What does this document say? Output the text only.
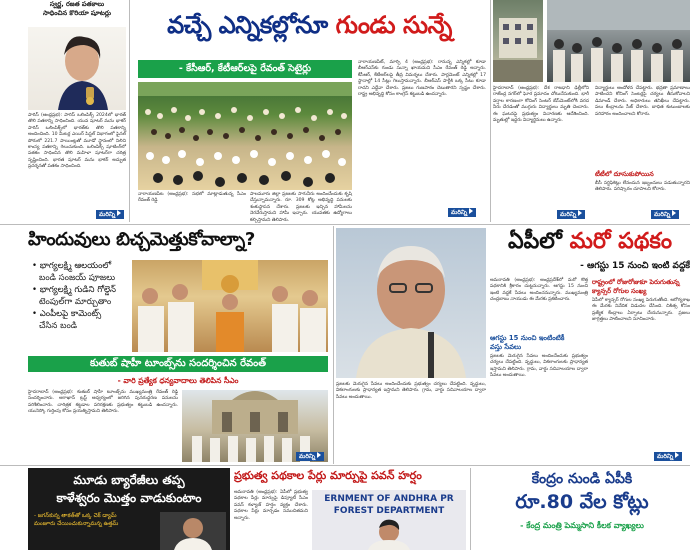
స్వర్ణ, రజత పతకాలు
సాధించిన కొరియా షూటర్లు
పారిస్ (ఆంధ్రప్రభ): పారిస్ ఒలింపిక్స్‌ 2024లో భారత్‌ తొలి పతకాన్ని సాధించింది. యువ షూటర్‌ మను భాకర్‌ పారిస్ ఒలింపిక్స్‌లో భారత్‌కు తొలి పతకాన్ని అందించింది. 10 మీటర్ల ఎయిర్‌ పిస్టల్ విభాగంలో ఫైనల్‌ పోరులో 221.7 పాయింట్లతో మూడో స్థానంలో నిలిచి కాంస్య పతకాన్ని గెలుచుకుంది. ఒలింపిక్స్‌ షూటింగ్‌లో పతకం సాధించిన తొలి మహిళా షూటర్‌గా చరిత్ర సృష్టించింది. భారత షూటర్‌ మను భాకర్‌ అద్భుత ప్రదర్శనతో పతకం సాధించింది.
మరిన్ని
వచ్చే ఎన్నికల్లోనూ గుండు సున్నే
- కేసీఆర్, కేటీఆర్‌లపై రేవంత్ సెటైర్లు
నారాయణపేట (ఆంధ్రప్రభ): సభలో మాట్లాడుతున్న సీఎం రేవంత్ రెడ్డి
పాలమూరు జిల్లా ప్రజలకు సాగునీరు అందించేందుకు కృషి చేస్తున్నామన్నారు. రూ. 309 కోట్ల అభివృద్ధి పనులకు శంకుస్థాపన చేశారు. ప్రజలకు ఇచ్చిన హామీలను నెరవేరుస్తామని హామీ ఇచ్చారు. యువతకు ఉద్యోగాలు కల్పిస్తామని తెలిపారు.
నారాయణపేట్, మార్చి 4 (ఆంధ్రప్రభ): రానున్న ఎన్నికల్లో కూడా బీఆర్ఎస్‌కు గుండు సున్నా ఖాయమని సీఎం రేవంత్ రెడ్డి అన్నారు. కేసీఆర్, కేటీఆర్‌లపై తీవ్ర విమర్శలు చేశారు. పార్లమెంట్ ఎన్నికల్లో 17 స్థానాల్లో 14 సీట్లు గెలుస్తామన్నారు. బీఆర్ఎస్ పార్టీకి ఒక్క సీటు కూడా రాదని ఎద్దేవా చేశారు. ప్రజలు గుణపాఠం చెబుతారని స్పష్టం చేశారు. రాష్ట్ర అభివృద్ధి కోసం కాంగ్రెస్ కట్టుబడి ఉందన్నారు.
మరిన్ని
హైదరాబాద్ (ఆంధ్రప్రభ): దేశ రాజధాని ఢిల్లీలోని రాజేంద్ర నగర్‌లో ఘోర ప్రమాదం చోటుచేసుకుంది. భారీ వర్షాల కారణంగా కోచింగ్ సెంటర్ బేస్‌మెంట్‌లోకి వరద నీరు చేరడంతో ముగ్గురు విద్యార్థులు మృతి చెందారు. ఈ ఘటనపై ప్రభుత్వం విచారణకు ఆదేశించింది. మృతుల్లో ఇద్దరు విద్యార్థినులు ఉన్నారు.
విద్యార్థులు ఆందోళన చేపట్టారు. భద్రతా ప్రమాణాలు పాటించని కోచింగ్ సెంటర్లపై చర్యలు తీసుకోవాలని డిమాండ్ చేశారు. అధికారులు తనిఖీలు చేపట్టారు. పలు కేంద్రాలను సీజ్ చేశారు. బాధిత కుటుంబాలకు పరిహారం అందించాలని కోరారు.
టీటీలో దూసుకుపోయిన
బీసీ సర్టిఫికెట్లు లేనందున ఇబ్బందులు పడుతున్నారని తెలిపారు. పరిష్కారం చూపాలని కోరారు.
మరిన్ని	మరిన్ని
హిందువులు బిచ్చమెత్తుకోవాల్నా?
• భాగ్యలక్ష్మి ఆలయంలో
బండి సంజయ్ పూజలు
• భాగ్యలక్ష్మి గుడిని గోల్డెన్
టెంపుల్‌గా మార్చుతాం
• ఎంపీలపై కామెంట్స్
చేసిన బండి
కుతుబ్ షాహీ టూంబ్స్‌ను సందర్శించిన రేవంత్
- వారి ప్రత్యేక ధన్యవాదాలు తెలిపిన సీఎం
హైదరాబాద్ (ఆంధ్రప్రభ): కుతుబ్ షాహీ టూంబ్స్‌ను ముఖ్యమంత్రి రేవంత్ రెడ్డి సందర్శించారు. ఆగాఖాన్ ట్రస్ట్ ఆధ్వర్యంలో జరిగిన పునరుద్ధరణ పనులను పరిశీలించారు. చారిత్రక కట్టడాల పరిరక్షణకు ప్రభుత్వం కట్టుబడి ఉందన్నారు. యునెస్కో గుర్తింపు కోసం ప్రయత్నిస్తామని తెలిపారు.
మరిన్ని
ఏపీలో మరో పథకం
- ఆగస్టు 15 నుంచి ఇంటి వద్దకే
అమరావతి (ఆంధ్రప్రభ): ఆంధ్రప్రదేశ్‌లో మరో కొత్త పథకానికి శ్రీకారం చుట్టనున్నారు. ఆగస్టు 15 నుంచి ఇంటి వద్దకే సేవలు అందించనున్నారు. ముఖ్యమంత్రి చంద్రబాబు నాయుడు ఈ మేరకు ప్రకటించారు.
ఆగస్టు 15 నుంచి ఇంటింటికీ
వస్తు సేవలు
ప్రజలకు మెరుగైన సేవలు అందించేందుకు ప్రభుత్వం చర్యలు చేపట్టింది. వృద్ధులు, వికలాంగులకు ప్రాధాన్యత ఇస్తామని తెలిపారు. గ్రామ, వార్డు సచివాలయాల ద్వారా సేవలు అందుతాయి.
ప్రజలకు మెరుగైన సేవలు అందించేందుకు ప్రభుత్వం చర్యలు చేపట్టింది. వృద్ధులు, వికలాంగులకు ప్రాధాన్యత ఇస్తామని తెలిపారు. గ్రామ, వార్డు సచివాలయాల ద్వారా సేవలు అందుతాయి.
రాష్ట్రంలో రోజురోజుకూ పెరుగుతున్న
క్యాన్సర్ రోగుల సంఖ్య
ఏపీలో క్యాన్సర్ రోగుల సంఖ్య పెరుగుతోంది. ఆరోగ్యశాఖ ఈ మేరకు నివేదిక విడుదల చేసింది. చికిత్స కోసం ప్రత్యేక కేంద్రాలు ఏర్పాటు చేయనున్నారు. ప్రజలు జాగ్రత్తలు పాటించాలని సూచించారు.
మరిన్ని
మూడు బ్యారేజీలు తప్ప
కాళేశ్వరం మొత్తం వాడుకుంటాం
- జగన్‌కున్న తాకత్‌తో ఒక్క చెక్ డ్యామ్
మంజూరు చేయించుకున్నామన్న ఉత్తమ్
ప్రభుత్వ పథకాల పేర్లు మార్పుపై పవన్ హర్షం
అమరావతి (ఆంధ్రప్రభ): ఏపీలో ప్రభుత్వ పథకాల పేర్లు మార్పుపై డిప్యూటీ సీఎం పవన్ కళ్యాణ్ హర్షం వ్యక్తం చేశారు. పథకాల పేర్లు మార్చడం సముచితమని అన్నారు.
ERNMENT OF ANDHRA PR
FOREST DEPARTMENT
కేంద్రం నుండి ఏపీకి
రూ.80 వేల కోట్లు
- కేంద్ర మంత్రి పెమ్మసాని కీలక వ్యాఖ్యలు
